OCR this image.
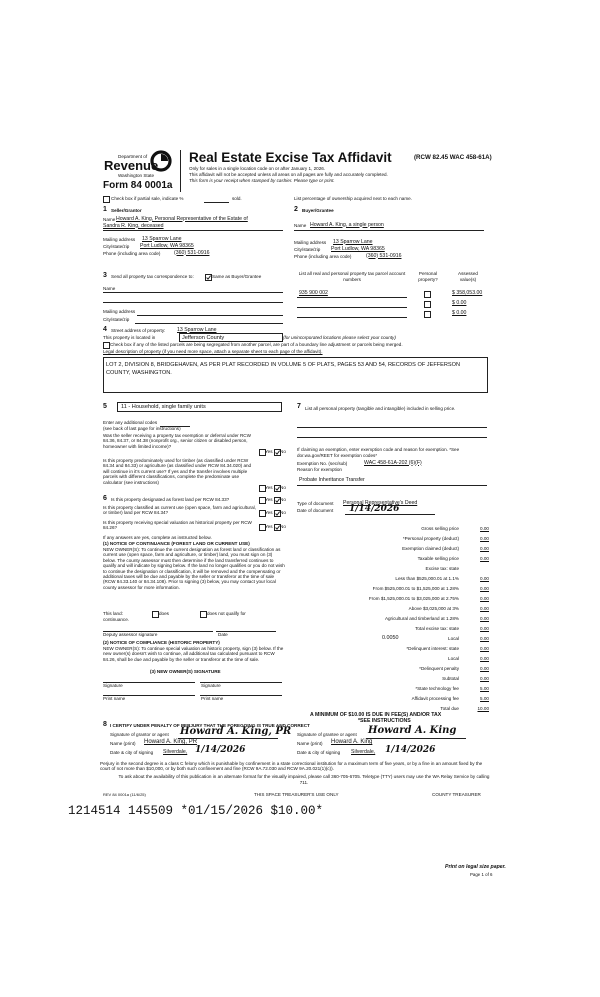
Department of
Revenue
Washington State
Form 84 0001a
Real Estate Excise Tax Affidavit	(RCW 82.45 WAC 458-61A)
Only for sales in a single location code on or after January 1, 2026.
This affidavit will not be accepted unless all areas on all pages are fully and accurately completed.
This form is your receipt when stamped by cashier. Please type or print.
Check box if partial sale, indicate %	sold.	List percentage of ownership acquired next to each name.
1 Seller/Grantor
Name Howard A. King, Personal Representative of the Estate of
Sandra R. King, deceased
Mailing address 13 Sparrow Lane
City/state/zip Port Ludlow, WA 98365
Phone (including area code)	(360) 531-0916
2 Buyer/Grantee
Name Howard A. King, a single person
Mailing address 13 Sparrow Lane
City/state/zip Port Ludlow, WA 98365
Phone (including area code)	(360) 531-0916
3 Send all property tax correspondence to:	Same as Buyer/Grantee
Name
Mailing address
City/state/zip
List all real and personal property tax parcel account numbers
Personal property?
Assessed value(s)
935 900 002	$ 358,053.00
$ 0.00
$ 0.00
4 Street address of property: 13 Sparrow Lane
This property is located in	Jefferson County	(for unincorporated locations please select your county)
Check box if any of the listed parcels are being segregated from another parcel, are part of a boundary line adjustment or parcels being merged.
Legal description of property (if you need more space, attach a separate sheet to each page of the affidavit).
LOT 2, DIVISION 8, BRIDGEHAVEN, AS PER PLAT RECORDED IN VOLUME 5 OF PLATS, PAGES 53 AND 54, RECORDS OF JEFFERSON COUNTY, WASHINGTON.
5	11 - Household, single family units
Enter any additional codes
(see back of last page for instructions)
Was the seller receiving a property tax exemption or deferral under RCW 84.36, 84.37, or 84.38 (nonprofit org., senior citizen or disabled person, homeowner with limited income)?
Yes No
Is this property predominately used for timber (as classified under RCW 84.34 and 84.33) or agriculture (as classified under RCW 84.34.020) and will continue in it's current use? If yes and the transfer involves multiple parcels with different classifications, complete the predominate use calculator (see instructions)
Yes No
6 Is this property designated as forest land per RCW 84.33?	Yes No
Is this property classified as current use (open space, farm and agricultural, or timber) land per RCW 84.34?	Yes No
Is this property receiving special valuation as historical property per RCW 84.26?	Yes No
If any answers are yes, complete as instructed below.
(1) NOTICE OF CONTINUANCE (FOREST LAND OR CURRENT USE)
NEW OWNER(S): To continue the current designation as forest land or classification as current use (open space, farm and agriculture, or timber) land, you must sign on (3) below. The county assessor must then determine if the land transferred continues to qualify and will indicate by signing below. If the land no longer qualifies or you do not wish to continue the designation or classification, it will be removed and the compensating or additional taxes will be due and payable by the seller or transferor at the time of sale (RCW 84.33.140 or 84.34.108). Prior to signing (3) below, you may contact your local county assessor for more information.
This land:	does	does not qualify for
continuance.
Deputy assessor signature	Date
(2) NOTICE OF COMPLIANCE (HISTORIC PROPERTY)
NEW OWNER(S): To continue special valuation as historic property, sign (3) below. If the new owner(s) doesn't wish to continue, all additional tax calculated pursuant to RCW 84.26, shall be due and payable by the seller or transferor at the time of sale.
(3) NEW OWNER(S) SIGNATURE
Signature	Signature
Print name	Print name
7 List all personal property (tangible and intangible) included in selling price.
If claiming an exemption, enter exemption code and reason for exemption. *See dor.wa.gov/REET for exemption codes*
Exemption No. (sec/sub)	WAC 458-61A-202 (6)(F)
Reason for exemption
Probate Inheritance Transfer
Type of document Personal Representative's Deed
Date of document 1/14/2026
Gross selling price	0.00
*Personal property (deduct)	0.00
Exemption claimed (deduct)	0.00
Taxable selling price	0.00
Excise tax: state
Less than $525,000.01 at 1.1%	0.00
From $525,000.01 to $1,525,000 at 1.28%	0.00
From $1,525,000.01 to $3,025,000 at 2.75%	0.00
Above $3,025,000 at 3%	0.00
Agricultural and timberland at 1.28%	0.00
Total excise tax: state	0.00
0.0050	Local	0.00
*Delinquent interest: state	0.00
Local	0.00
*Delinquent penalty	0.00
Subtotal	0.00
*State technology fee	5.00
Affidavit processing fee	5.00
Total due	10.00
A MINIMUM OF $10.00 IS DUE IN FEE(S) AND/OR TAX
*SEE INSTRUCTIONS
8 I CERTIFY UNDER PENALTY OF PERJURY THAT THE FOREGOING IS TRUE AND CORRECT
Signature of grantor or agent Howard A. King, PR
Name (print) Howard A. King, PR
Date & city of signing Silverdale, 1/14/2026
Signature of grantee or agent Howard A. King
Name (print) Howard A. King
Date & city of signing Silverdale, 1/14/2026
Perjury in the second degree is a class C felony which is punishable by confinement in a state correctional institution for a maximum term of five years, or by a fine in an amount fixed by the court of not more than $10,000, or by both such confinement and fine (RCW 9A.72.030 and RCW 9A.20.021(1)(c)).
To ask about the availability of this publication in an alternate format for the visually impaired, please call 360-705-6705. Teletype (TTY) users may use the WA Relay Service by calling 711.
REV 84 0001a (11/6/25)	THIS SPACE TREASURER'S USE ONLY	COUNTY TREASURER
1214514 145509 *01/15/2026 $10.00*
Print on legal size paper.
Page 1 of 6
